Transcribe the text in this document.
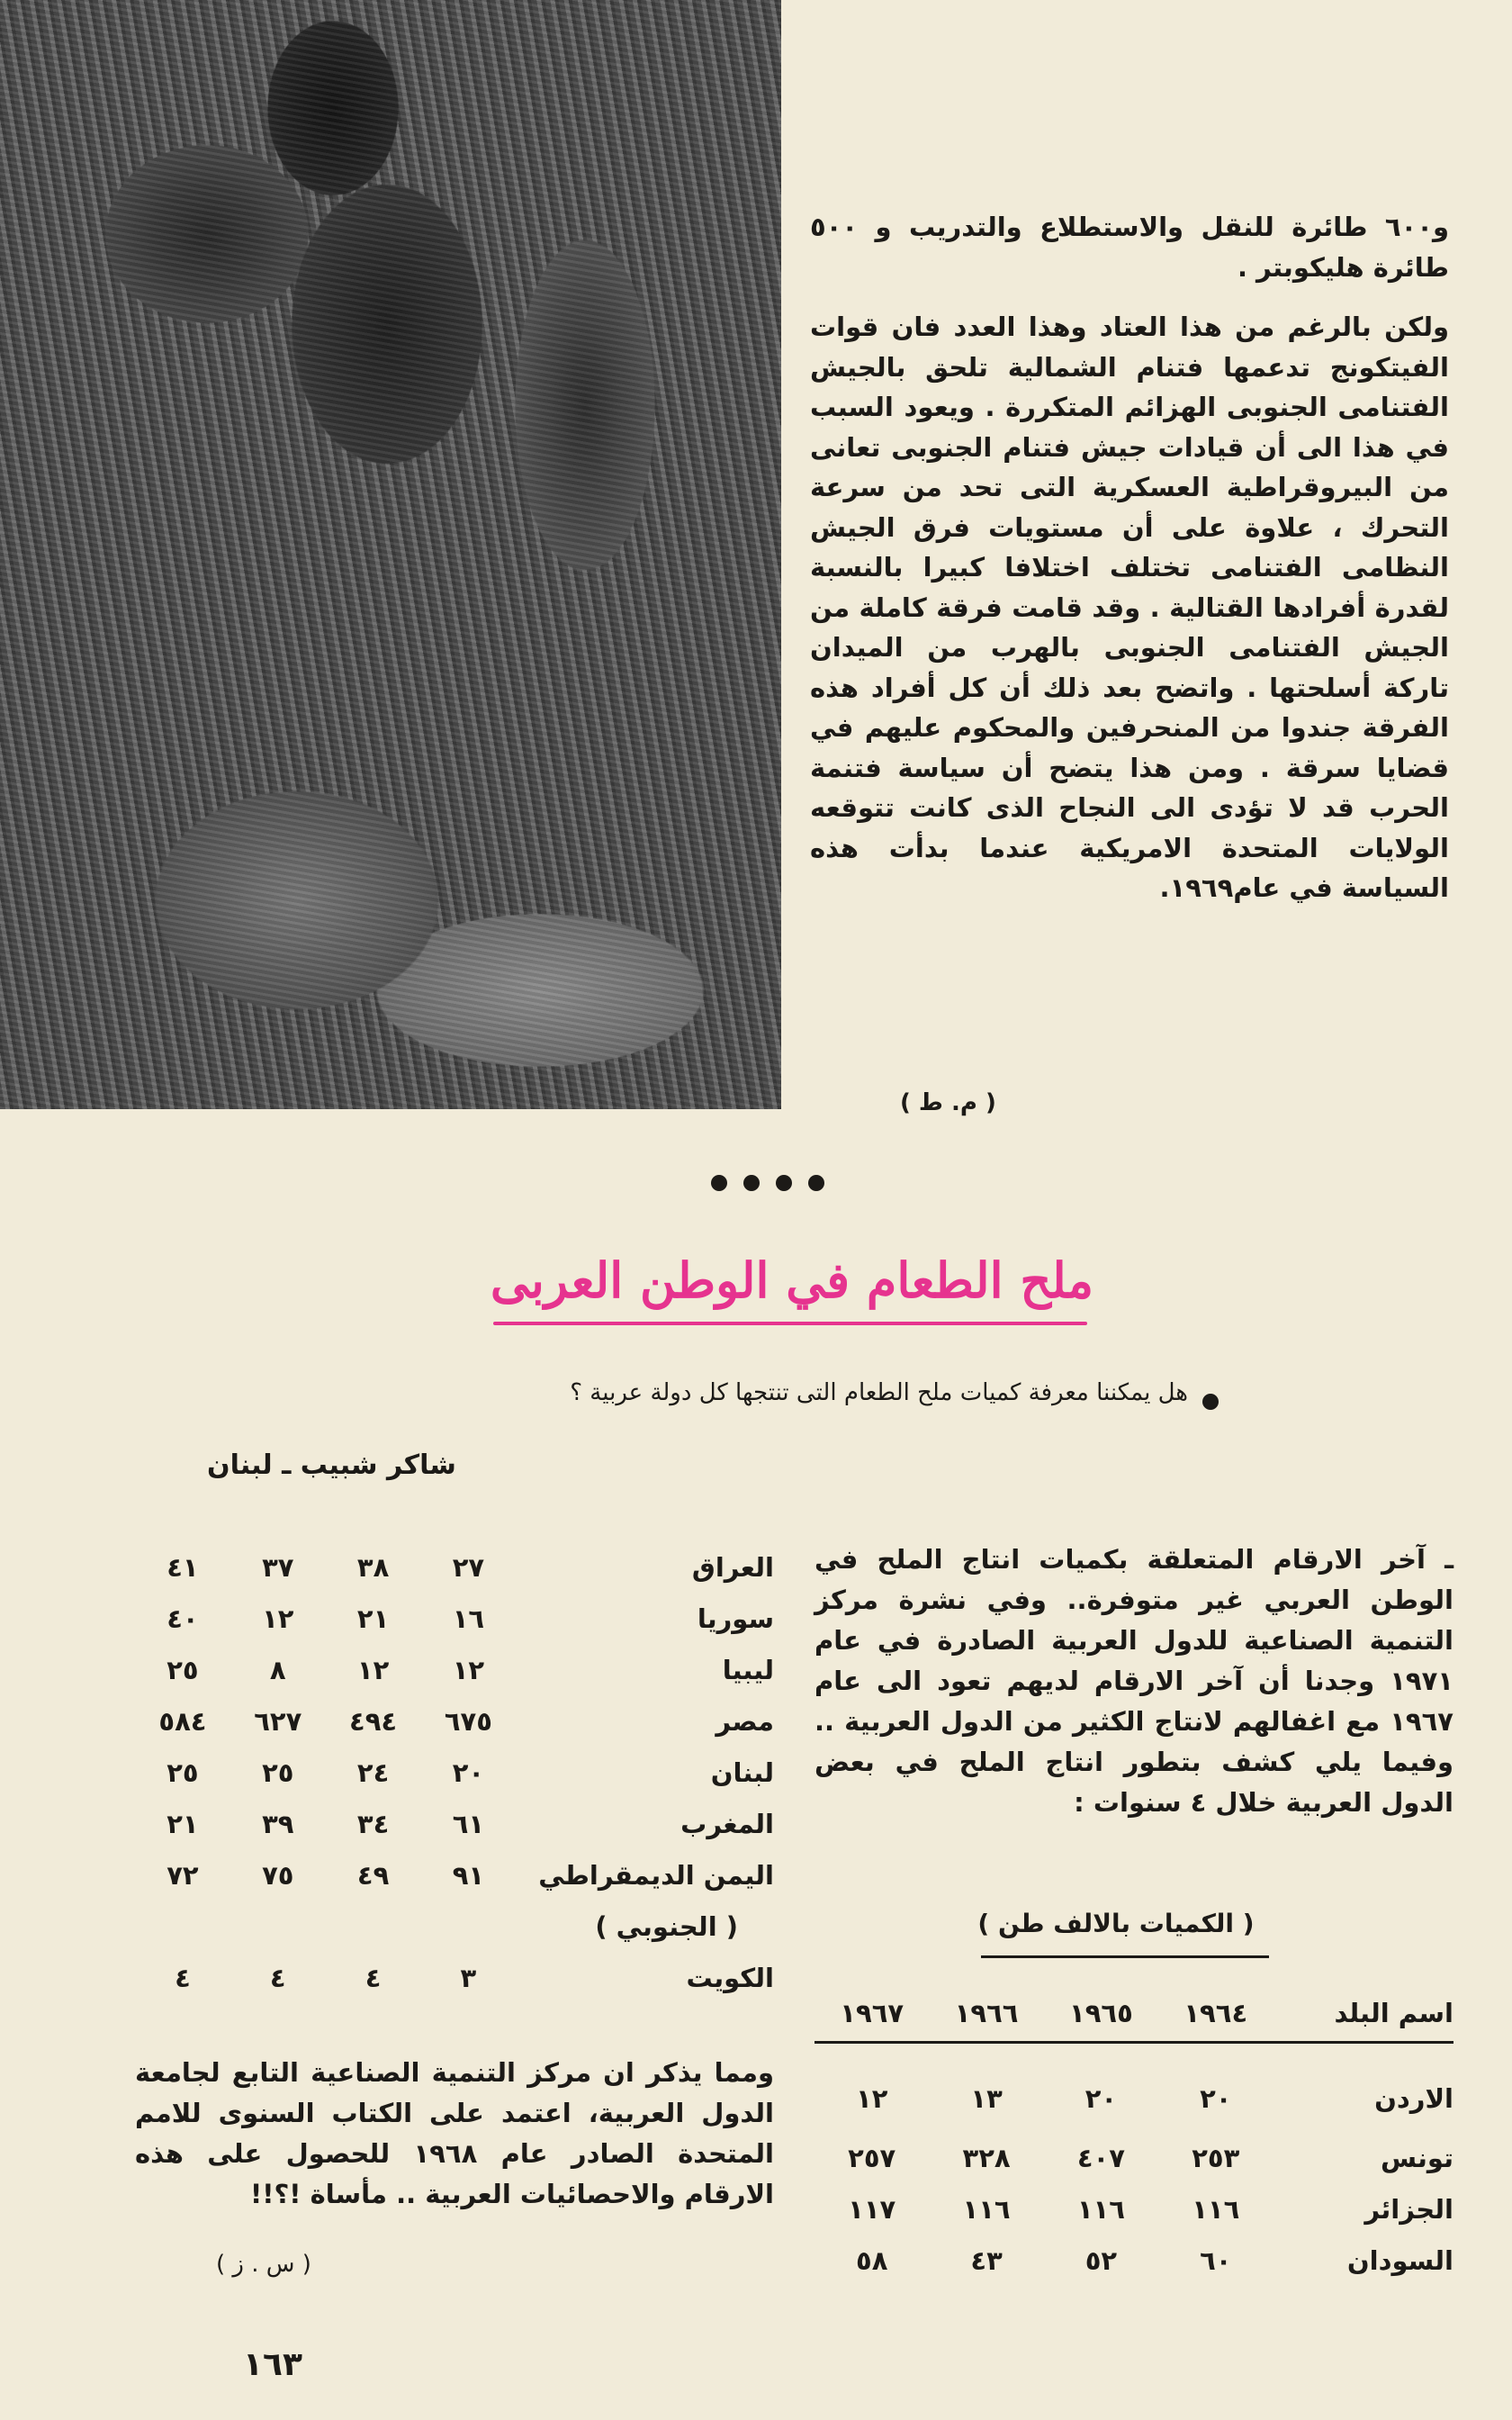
و٦٠٠ طائرة للنقل والاستطلاع والتدريب و ٥٠٠ طائرة هليكوبتر .

ولكن بالرغم من هذا العتاد وهذا العدد فان قوات الفيتكونج تدعمها فتنام الشمالية تلحق بالجيش الفتنامى الجنوبى الهزائم المتكررة . ويعود السبب في هذا الى أن قيادات جيش فتنام الجنوبى تعانى من البيروقراطية العسكرية التى تحد من سرعة التحرك ، علاوة على أن مستويات فرق الجيش النظامى الفتنامى تختلف اختلافا كبيرا بالنسبة لقدرة أفرادها القتالية . وقد قامت فرقة كاملة من الجيش الفتنامى الجنوبى بالهرب من الميدان تاركة أسلحتها . واتضح بعد ذلك أن كل أفراد هذه الفرقة جندوا من المنحرفين والمحكوم عليهم في قضايا سرقة . ومن هذا يتضح أن سياسة فتنمة الحرب قد لا تؤدى الى النجاح الذى كانت تتوقعه الولايات المتحدة الامريكية عندما بدأت هذه السياسة في عام١٩٦٩.

( م. ط )
ملح الطعام في الوطن العربى
هل يمكننا معرفة كميات ملح الطعام التى تنتجها كل دولة عربية ؟
شاكر شبيب ـ لبنان
ـ آخر الارقام المتعلقة بكميات انتاج الملح في الوطن العربي غير متوفرة.. وفي نشرة مركز التنمية الصناعية للدول العربية الصادرة في عام ١٩٧١ وجدنا أن آخر الارقام لديهم تعود الى عام ١٩٦٧ مع اغفالهم لانتاج الكثير من الدول العربية .. وفيما يلي كشف بتطور انتاج الملح في بعض الدول العربية خلال ٤ سنوات :
( الكميات بالالف طن )
اسم البلد	١٩٦٤	١٩٦٥	١٩٦٦	١٩٦٧
الاردن	٢٠	٢٠	١٣	١٢
تونس	٢٥٣	٤٠٧	٣٢٨	٢٥٧
الجزائر	١١٦	١١٦	١١٦	١١٧
السودان	٦٠	٥٢	٤٣	٥٨
العراق	٢٧	٣٨	٣٧	٤١
سوريا	١٦	٢١	١٢	٤٠
ليبيا	١٢	١٢	٨	٢٥
مصر	٦٧٥	٤٩٤	٦٢٧	٥٨٤
لبنان	٢٠	٢٤	٢٥	٢٥
المغرب	٦١	٣٤	٣٩	٢١
اليمن الديمقراطي	٩١	٤٩	٧٥	٧٢
( الجنوبي )				
الكويت	٣	٤	٤	٤
ومما يذكر ان مركز التنمية الصناعية التابع لجامعة الدول العربية، اعتمد على الكتاب السنوى للامم المتحدة الصادر عام ١٩٦٨ للحصول على هذه الارقام والاحصائيات العربية .. مأساة !؟!!
( س . ز )
١٦٣
